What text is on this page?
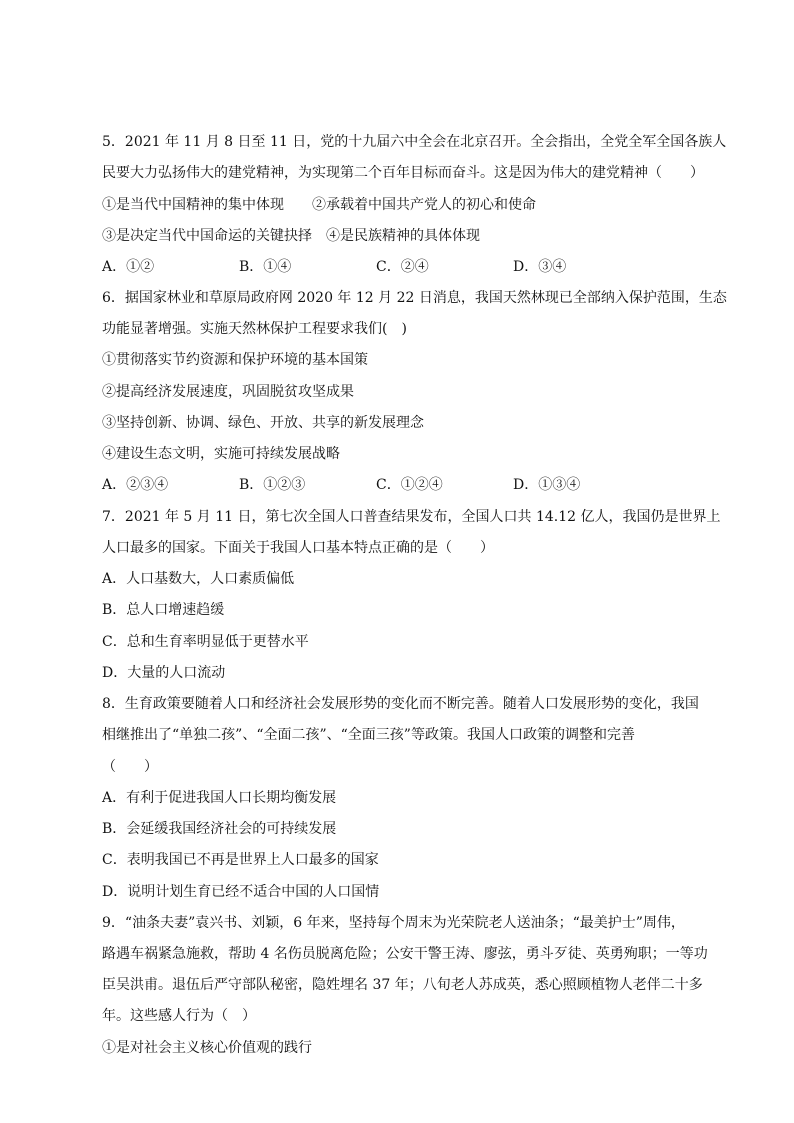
5．2021 年 11 月 8 日至 11 日，党的十九届六中全会在北京召开。全会指出，全党全军全国各族人
民要大力弘扬伟大的建党精神，为实现第二个百年目标而奋斗。这是因为伟大的建党精神（　　）
①是当代中国精神的集中体现　　②承载着中国共产党人的初心和使命
③是决定当代中国命运的关键抉择　④是民族精神的具体体现
A．①②	B．①④	C．②④	D．③④
6．据国家林业和草原局政府网 2020 年 12 月 22 日消息，我国天然林现已全部纳入保护范围，生态
功能显著增强。实施天然林保护工程要求我们(　)
①贯彻落实节约资源和保护环境的基本国策
②提高经济发展速度，巩固脱贫攻坚成果
③坚持创新、协调、绿色、开放、共享的新发展理念
④建设生态文明，实施可持续发展战略
A．②③④	B．①②③	C．①②④	D．①③④
7．2021 年 5 月 11 日，第七次全国人口普查结果发布，全国人口共 14.12 亿人，我国仍是世界上
人口最多的国家。下面关于我国人口基本特点正确的是（　　）
A．人口基数大，人口素质偏低
B．总人口增速趋缓
C．总和生育率明显低于更替水平
D．大量的人口流动
8．生育政策要随着人口和经济社会发展形势的变化而不断完善。随着人口发展形势的变化，我国
相继推出了“单独二孩”、“全面二孩”、“全面三孩”等政策。我国人口政策的调整和完善
（　　）
A．有利于促进我国人口长期均衡发展
B．会延缓我国经济社会的可持续发展
C．表明我国已不再是世界上人口最多的国家
D．说明计划生育已经不适合中国的人口国情
9．“油条夫妻”袁兴书、刘颖，6 年来，坚持每个周末为光荣院老人送油条；“最美护士”周伟，
路遇车祸紧急施救，帮助 4 名伤员脱离危险；公安干警王涛、廖弦，勇斗歹徒、英勇殉职；一等功
臣吴洪甫。退伍后严守部队秘密，隐姓埋名 37 年；八旬老人苏成英，悉心照顾植物人老伴二十多
年。这些感人行为（　）
①是对社会主义核心价值观的践行
